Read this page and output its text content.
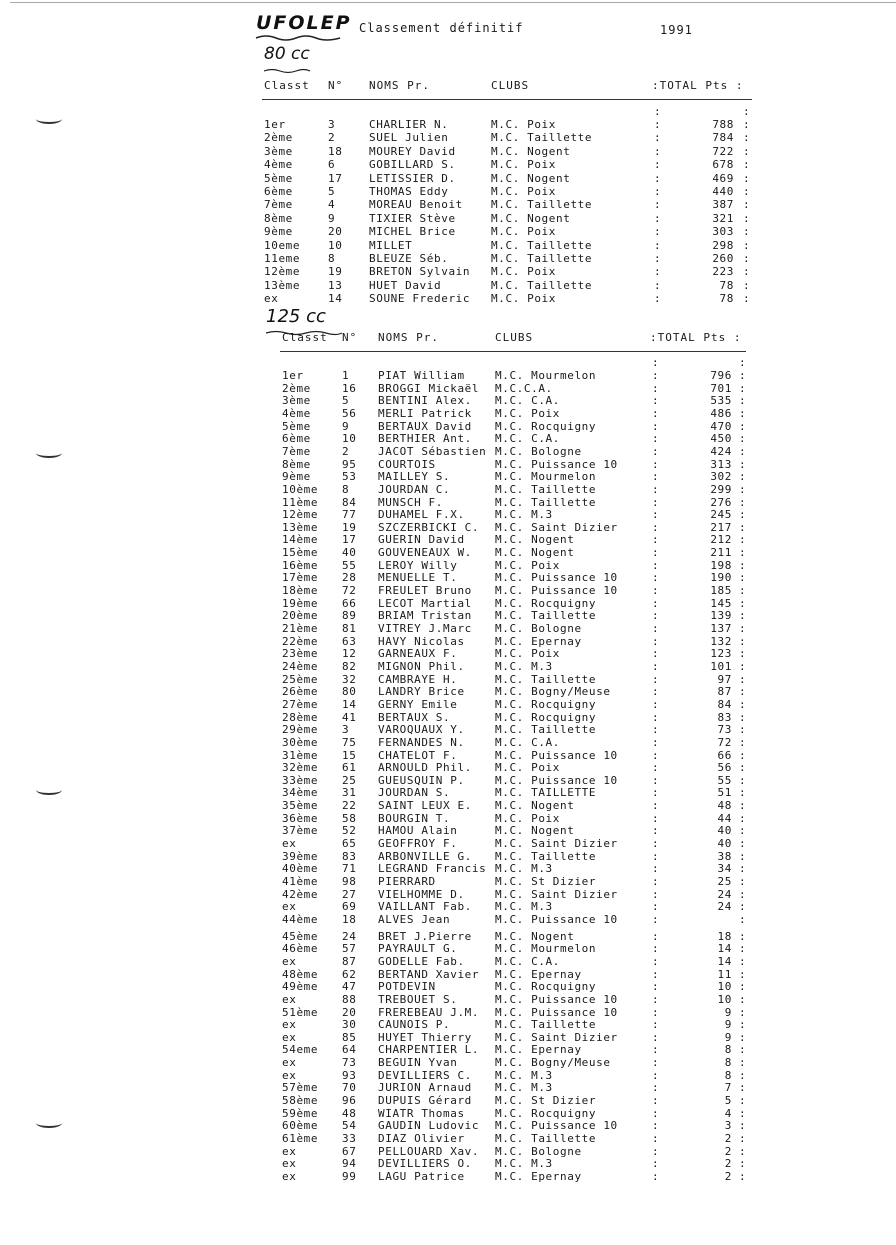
UFOLEP Classement définitif	1991
80 cc
Classt N° NOMS Pr.	CLUBS	:TOTAL Pts :
:	:
1er	3	CHARLIER N.	M.C. Poix	:	788 :
2ème	2	SUEL Julien	M.C. Taillette	:	784 :
3ème	18 MOUREY David	M.C. Nogent	:	722 :
4ème	6	GOBILLARD S.	M.C. Poix	:	678 :
5ème	17 LETISSIER D.	M.C. Nogent	:	469 :
6ème	5	THOMAS Eddy	M.C. Poix	:	440 :
7ème	4	MOREAU Benoit	M.C. Taillette	:	387 :
8ème	9	TIXIER Stève	M.C. Nogent	:	321 :
9ème	20 MICHEL Brice	M.C. Poix	:	303 :
10eme	10 MILLET	M.C. Taillette	:	298 :
11eme	8	BLEUZE Séb.	M.C. Taillette	:	260 :
12ème	19 BRETON Sylvain M.C. Poix	:	223 :
13ème	13 HUET David	M.C. Taillette	:	78 :
ex	14 SOUNE Frederic M.C. Poix	:	78 :
125 cc
Classt N° NOMS Pr.	CLUBS	:TOTAL Pts :
:	:
1er	1	PIAT William	M.C. Mourmelon	:	796 :
2ème	16 BROGGI Mickaël M.C.C.A.	:	701 :
3ème	5	BENTINI Alex. M.C. C.A.	:	535 :
4ème	56 MERLI Patrick M.C. Poix	:	486 :
5ème	9	BERTAUX David M.C. Rocquigny	:	470 :
6ème	10 BERTHIER Ant. M.C. C.A.	:	450 :
7ème	2	JACOT Sébastien M.C. Bologne	:	424 :
8ème	95 COURTOIS	M.C. Puissance 10	:	313 :
9ème	53 MAILLEY S.	M.C. Mourmelon	:	302 :
10ème 8	JOURDAN C.	M.C. Taillette	:	299 :
11ème 84 MUNSCH F.	M.C. Taillette	:	276 :
12ème 77 DUHAMEL F.X.	M.C. M.3	:	245 :
13ème 19 SZCZERBICKI C. M.C. Saint Dizier	:	217 :
14ème 17 GUERIN David	M.C. Nogent	:	212 :
15ème 40 GOUVENEAUX W. M.C. Nogent	:	211 :
16ème 55 LEROY Willy	M.C. Poix	:	198 :
17ème 28 MENUELLE T.	M.C. Puissance 10	:	190 :
18ème 72 FREULET Bruno M.C. Puissance 10	:	185 :
19ème 66 LECOT Martial M.C. Rocquigny	:	145 :
20ème 89 BRIAM Tristan M.C. Taillette	:	139 :
21ème 81 VITREY J.Marc M.C. Bologne	:	137 :
22ème 63 HAVY Nicolas	M.C. Epernay	:	132 :
23ème 12 GARNEAUX F.	M.C. Poix	:	123 :
24ème 82 MIGNON Phil.	M.C. M.3	:	101 :
25ème 32 CAMBRAYE H.	M.C. Taillette	:	97 :
26ème 80 LANDRY Brice	M.C. Bogny/Meuse	:	87 :
27ème 14 GERNY Emile	M.C. Rocquigny	:	84 :
28ème 41 BERTAUX S.	M.C. Rocquigny	:	83 :
29ème 3	VAROQUAUX Y.	M.C. Taillette	:	73 :
30ème 75 FERNANDES N.	M.C. C.A.	:	72 :
31ème 15 CHATELOT F.	M.C. Puissance 10	:	66 :
32ème 61 ARNOULD Phil. M.C. Poix	:	56 :
33ème 25 GUEUSQUIN P.	M.C. Puissance 10	:	55 :
34ème 31 JOURDAN S.	M.C. TAILLETTE	:	51 :
35ème 22 SAINT LEUX E. M.C. Nogent	:	48 :
36ème 58 BOURGIN T.	M.C. Poix	:	44 :
37ème 52 HAMOU Alain	M.C. Nogent	:	40 :
ex	65 GEOFFROY F.	M.C. Saint Dizier	:	40 :
39ème 83 ARBONVILLE G. M.C. Taillette	:	38 :
40ème 71 LEGRAND Francis M.C. M.3	:	34 :
41ème 98 PIERRARD	M.C. St Dizier	:	25 :
42ème 27 VIELHOMME D.	M.C. Saint Dizier	:	24 :
ex	69 VAILLANT Fab. M.C. M.3	:	24 :
44ème 18 ALVES Jean	M.C. Puissance 10	:	:
45ème 24 BRET J.Pierre M.C. Nogent	:	18 :
46ème 57 PAYRAULT G.	M.C. Mourmelon	:	14 :
ex	87 GODELLE Fab.	M.C. C.A.	:	14 :
48ème 62 BERTAND Xavier M.C. Epernay	:	11 :
49ème 47 POTDEVIN	M.C. Rocquigny	:	10 :
ex	88 TREBOUET S.	M.C. Puissance 10	:	10 :
51ème 20 FREREBEAU J.M. M.C. Puissance 10	:	9 :
ex	30 CAUNOIS P.	M.C. Taillette	:	9 :
ex	85 HUYET Thierry M.C. Saint Dizier	:	9 :
54eme 64 CHARPENTIER L. M.C. Epernay	:	8 :
ex	73 BEGUIN Yvan	M.C. Bogny/Meuse	:	8 :
ex	93 DEVILLIERS C. M.C. M.3	:	8 :
57ème 70 JURION Arnaud M.C. M.3	:	7 :
58ème 96 DUPUIS Gérard M.C. St Dizier	:	5 :
59ème 48 WIATR Thomas	M.C. Rocquigny	:	4 :
60ème 54 GAUDIN Ludovic M.C. Puissance 10	:	3 :
61ème 33 DIAZ Olivier	M.C. Taillette	:	2 :
ex	67 PELLOUARD Xav. M.C. Bologne	:	2 :
ex	94 DEVILLIERS O. M.C. M.3	:	2 :
ex	99 LAGU Patrice	M.C. Epernay	:	2 :
